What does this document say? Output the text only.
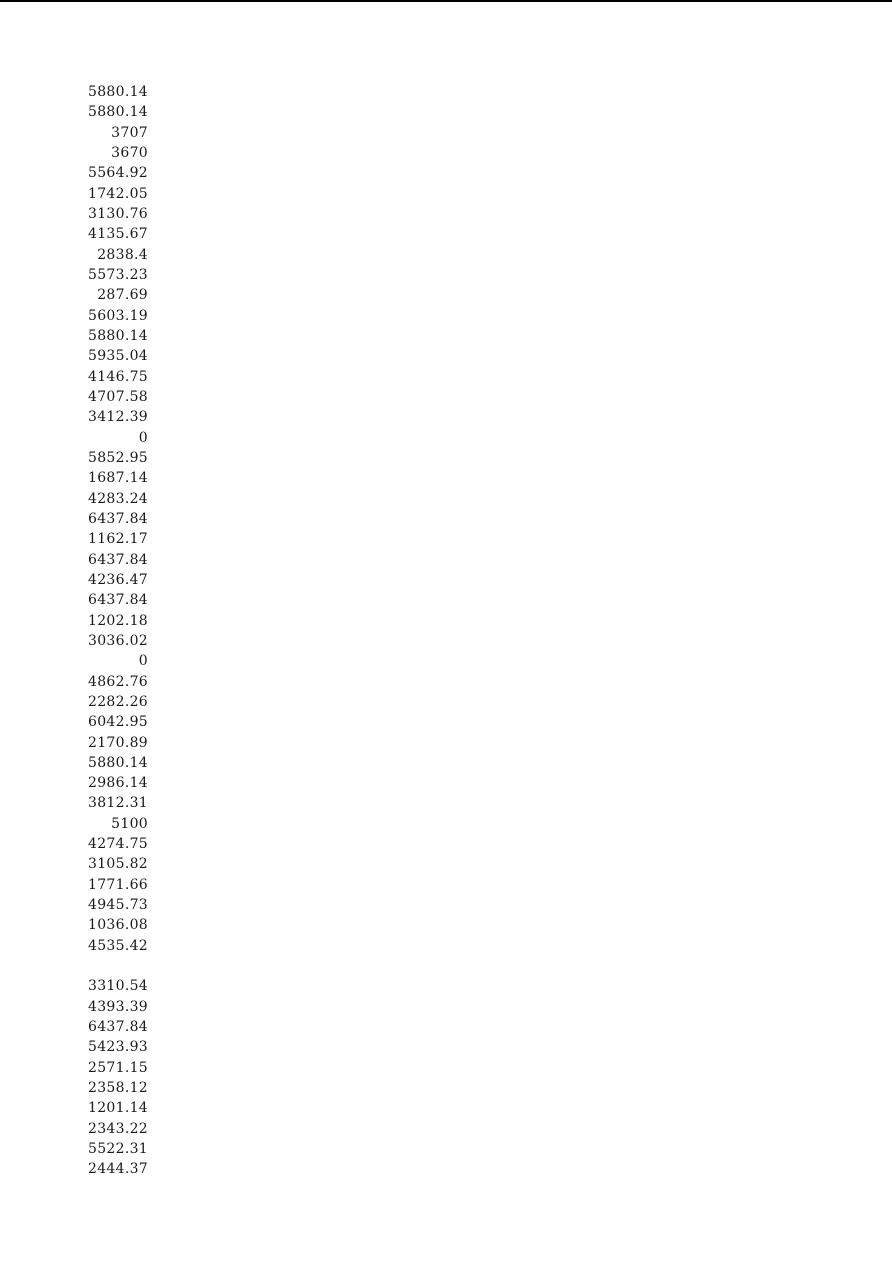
5880.14
5880.14
3707
3670
5564.92
1742.05
3130.76
4135.67
2838.4
5573.23
287.69
5603.19
5880.14
5935.04
4146.75
4707.58
3412.39
0
5852.95
1687.14
4283.24
6437.84
1162.17
6437.84
4236.47
6437.84
1202.18
3036.02
0
4862.76
2282.26
6042.95
2170.89
5880.14
2986.14
3812.31
5100
4274.75
3105.82
1771.66
4945.73
1036.08
4535.42
3310.54
4393.39
6437.84
5423.93
2571.15
2358.12
1201.14
2343.22
5522.31
2444.37
